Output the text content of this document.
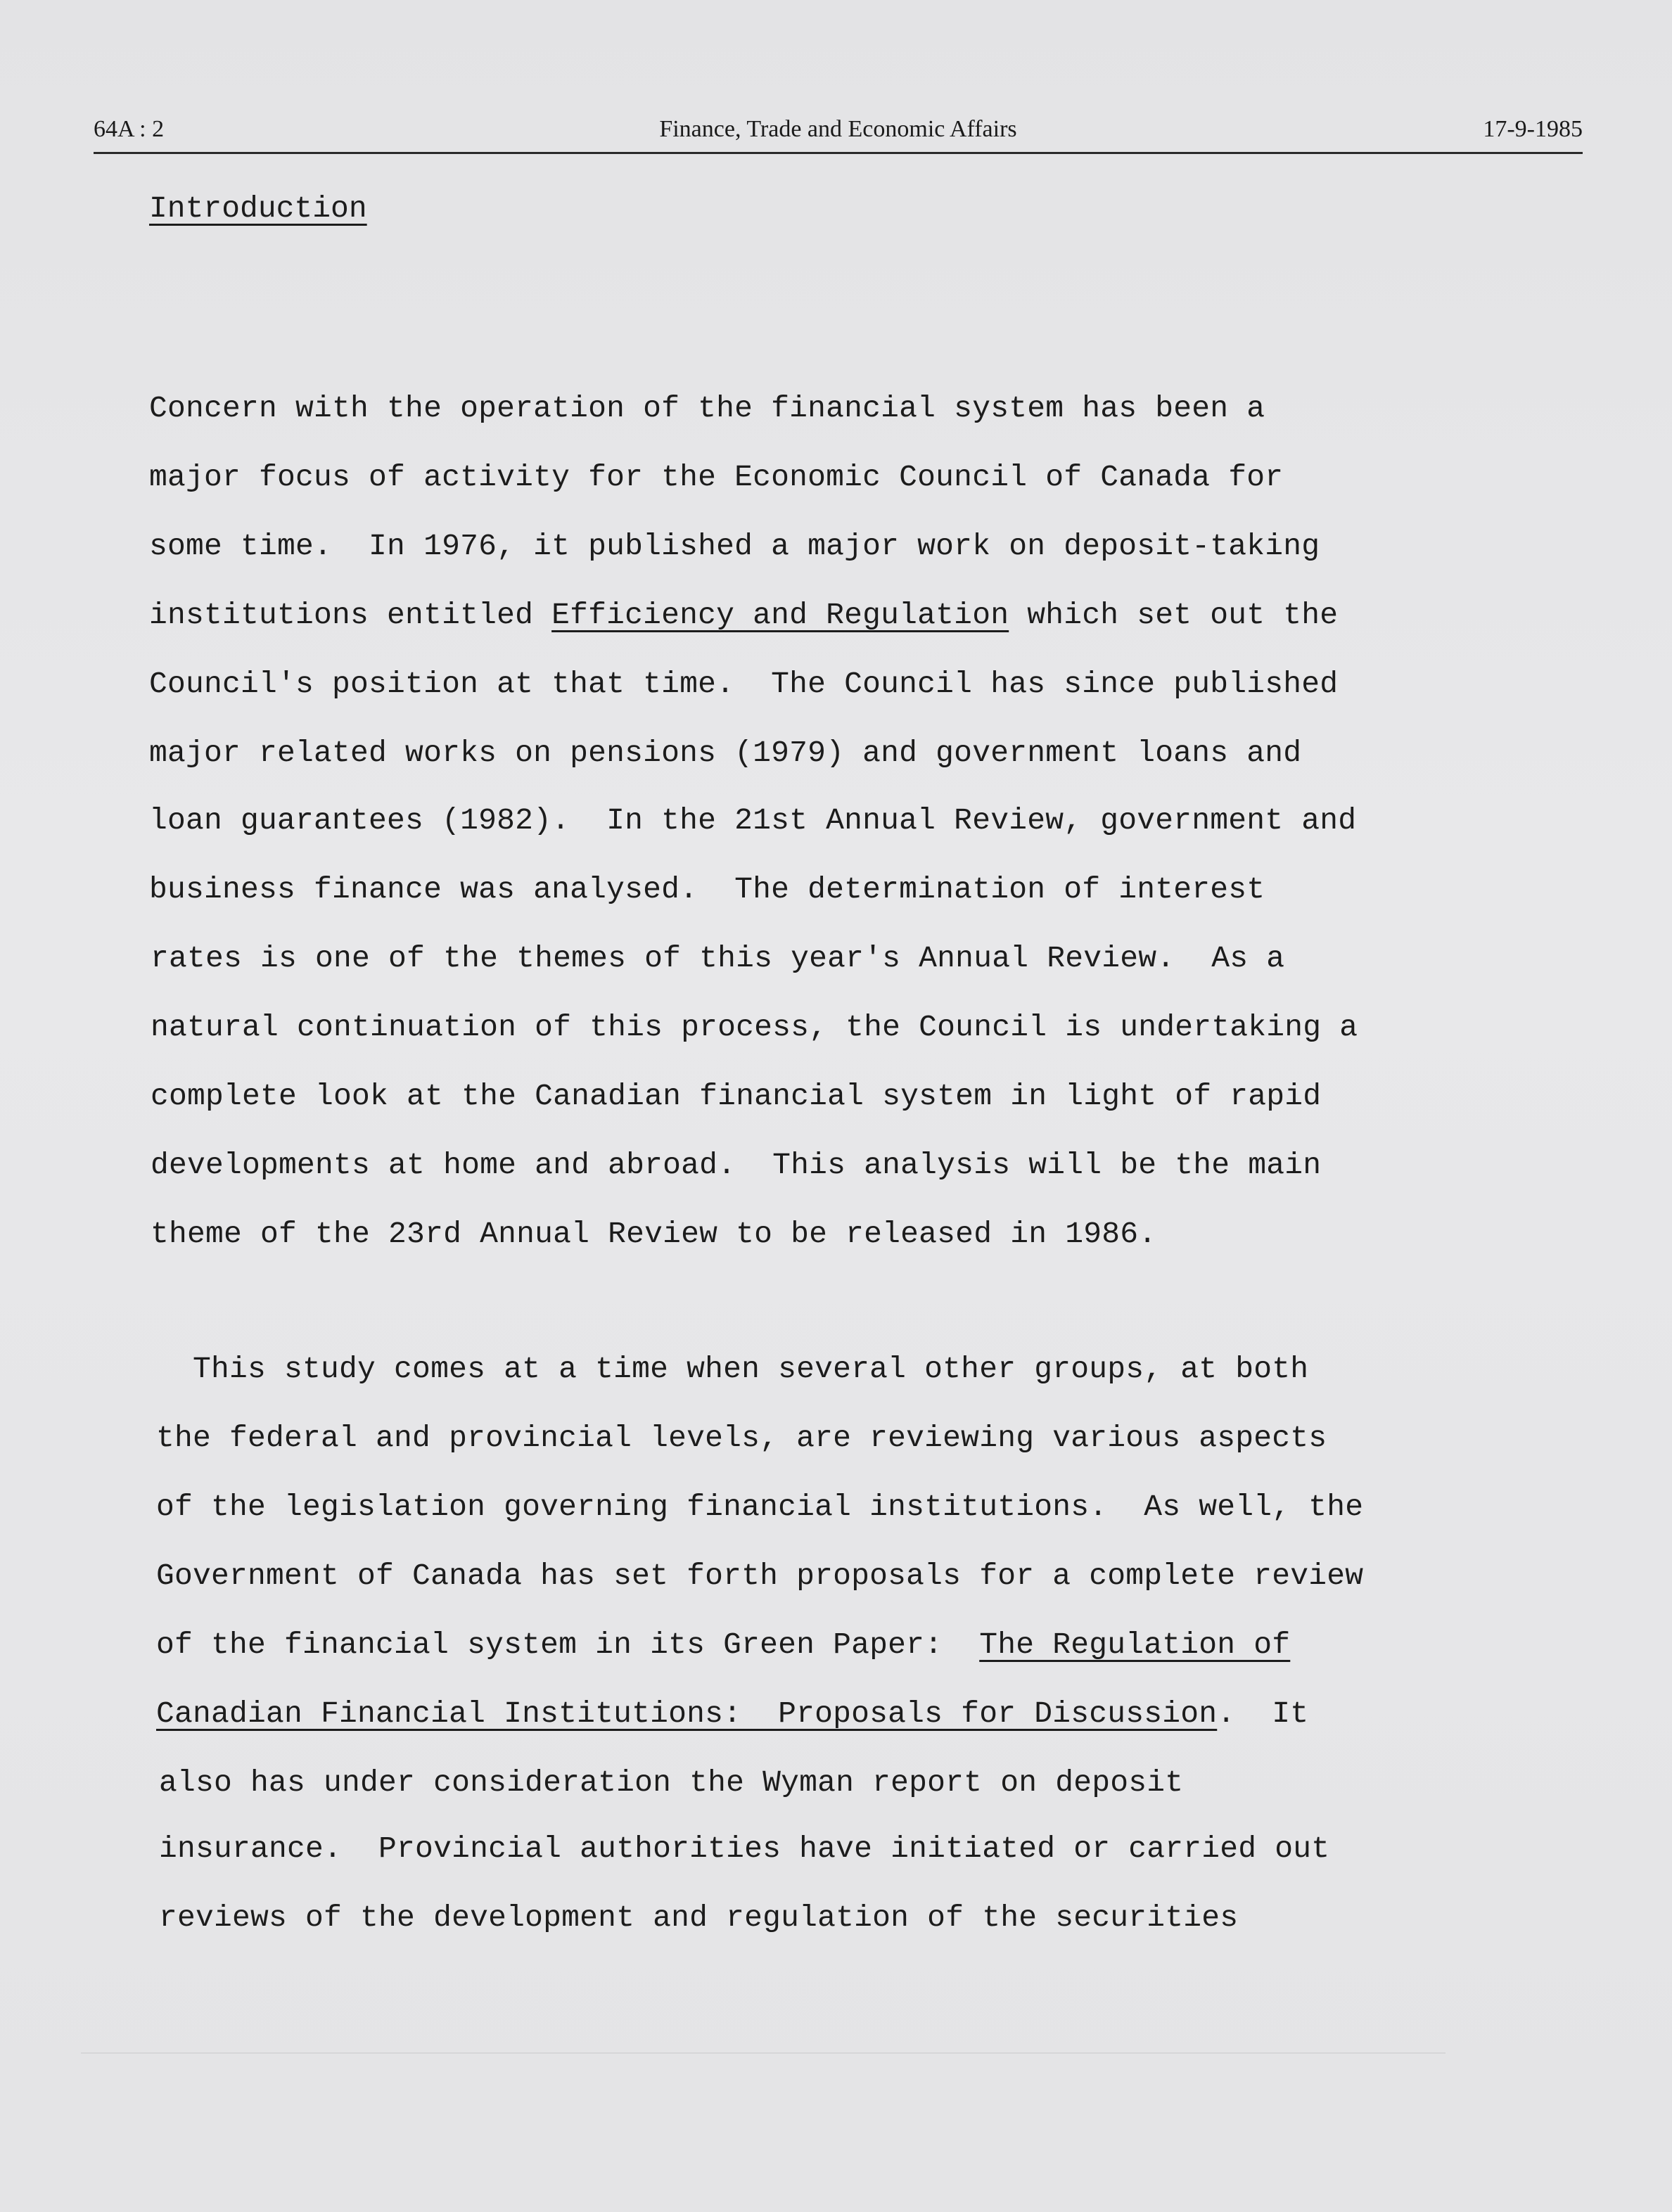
64A : 2	Finance, Trade and Economic Affairs	17-9-1985
Introduction
Concern with the operation of the financial system has been a
major focus of activity for the Economic Council of Canada for
some time.  In 1976, it published a major work on deposit-taking
institutions entitled Efficiency and Regulation which set out the
Council's position at that time.  The Council has since published
major related works on pensions (1979) and government loans and
loan guarantees (1982).  In the 21st Annual Review, government and
business finance was analysed.  The determination of interest
rates is one of the themes of this year's Annual Review.  As a
natural continuation of this process, the Council is undertaking a
complete look at the Canadian financial system in light of rapid
developments at home and abroad.  This analysis will be the main
theme of the 23rd Annual Review to be released in 1986.
This study comes at a time when several other groups, at both
the federal and provincial levels, are reviewing various aspects
of the legislation governing financial institutions.  As well, the
Government of Canada has set forth proposals for a complete review
of the financial system in its Green Paper:  The Regulation of
Canadian Financial Institutions:  Proposals for Discussion.  It
also has under consideration the Wyman report on deposit
insurance.  Provincial authorities have initiated or carried out
reviews of the development and regulation of the securities
